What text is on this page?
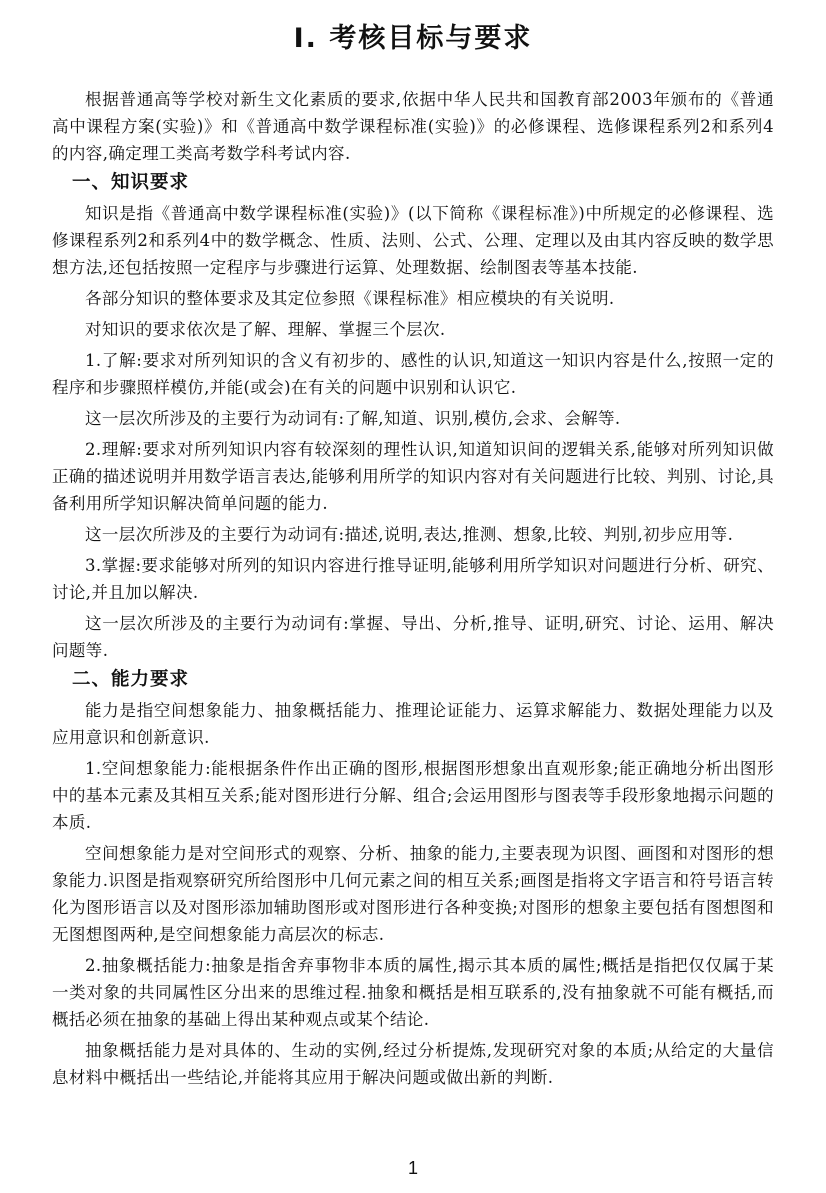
Ⅰ. 考核目标与要求

根据普通高等学校对新生文化素质的要求,依据中华人民共和国教育部2003年颁布的《普通高中课程方案(实验)》和《普通高中数学课程标准(实验)》的必修课程、选修课程系列2和系列4的内容,确定理工类高考数学科考试内容.

一、知识要求

知识是指《普通高中数学课程标准(实验)》(以下简称《课程标准》)中所规定的必修课程、选修课程系列2和系列4中的数学概念、性质、法则、公式、公理、定理以及由其内容反映的数学思想方法,还包括按照一定程序与步骤进行运算、处理数据、绘制图表等基本技能.

各部分知识的整体要求及其定位参照《课程标准》相应模块的有关说明.

对知识的要求依次是了解、理解、掌握三个层次.

1.了解:要求对所列知识的含义有初步的、感性的认识,知道这一知识内容是什么,按照一定的程序和步骤照样模仿,并能(或会)在有关的问题中识别和认识它.

这一层次所涉及的主要行为动词有:了解,知道、识别,模仿,会求、会解等.

2.理解:要求对所列知识内容有较深刻的理性认识,知道知识间的逻辑关系,能够对所列知识做正确的描述说明并用数学语言表达,能够利用所学的知识内容对有关问题进行比较、判别、讨论,具备利用所学知识解决简单问题的能力.

这一层次所涉及的主要行为动词有:描述,说明,表达,推测、想象,比较、判别,初步应用等.

3.掌握:要求能够对所列的知识内容进行推导证明,能够利用所学知识对问题进行分析、研究、讨论,并且加以解决.

这一层次所涉及的主要行为动词有:掌握、导出、分析,推导、证明,研究、讨论、运用、解决问题等.

二、能力要求

能力是指空间想象能力、抽象概括能力、推理论证能力、运算求解能力、数据处理能力以及应用意识和创新意识.

1.空间想象能力:能根据条件作出正确的图形,根据图形想象出直观形象;能正确地分析出图形中的基本元素及其相互关系;能对图形进行分解、组合;会运用图形与图表等手段形象地揭示问题的本质.

空间想象能力是对空间形式的观察、分析、抽象的能力,主要表现为识图、画图和对图形的想象能力.识图是指观察研究所给图形中几何元素之间的相互关系;画图是指将文字语言和符号语言转化为图形语言以及对图形添加辅助图形或对图形进行各种变换;对图形的想象主要包括有图想图和无图想图两种,是空间想象能力高层次的标志.

2.抽象概括能力:抽象是指舍弃事物非本质的属性,揭示其本质的属性;概括是指把仅仅属于某一类对象的共同属性区分出来的思维过程.抽象和概括是相互联系的,没有抽象就不可能有概括,而概括必须在抽象的基础上得出某种观点或某个结论.

抽象概括能力是对具体的、生动的实例,经过分析提炼,发现研究对象的本质;从给定的大量信息材料中概括出一些结论,并能将其应用于解决问题或做出新的判断.

1
